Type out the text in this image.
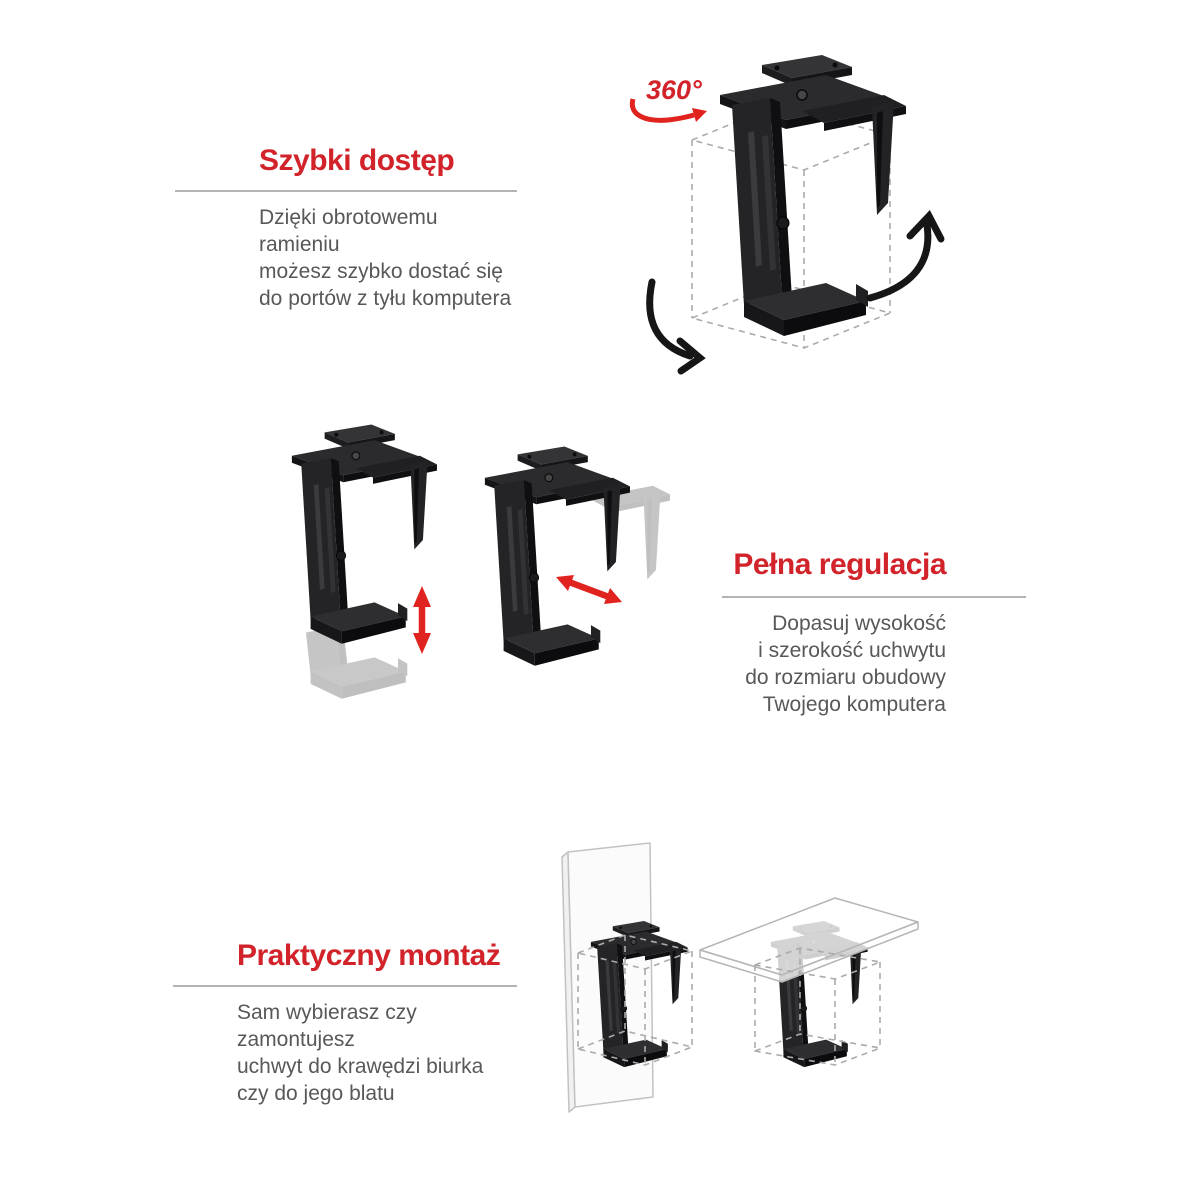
Szybki dostęp
Dzięki obrotowemu ramieniu
możesz szybko dostać się
do portów z tyłu komputera
360°
Pełna regulacja
Dopasuj wysokość
i szerokość uchwytu
do rozmiaru obudowy
Twojego komputera
Praktyczny montaż
Sam wybierasz czy zamontujesz
uchwyt do krawędzi biurka
czy do jego blatu
